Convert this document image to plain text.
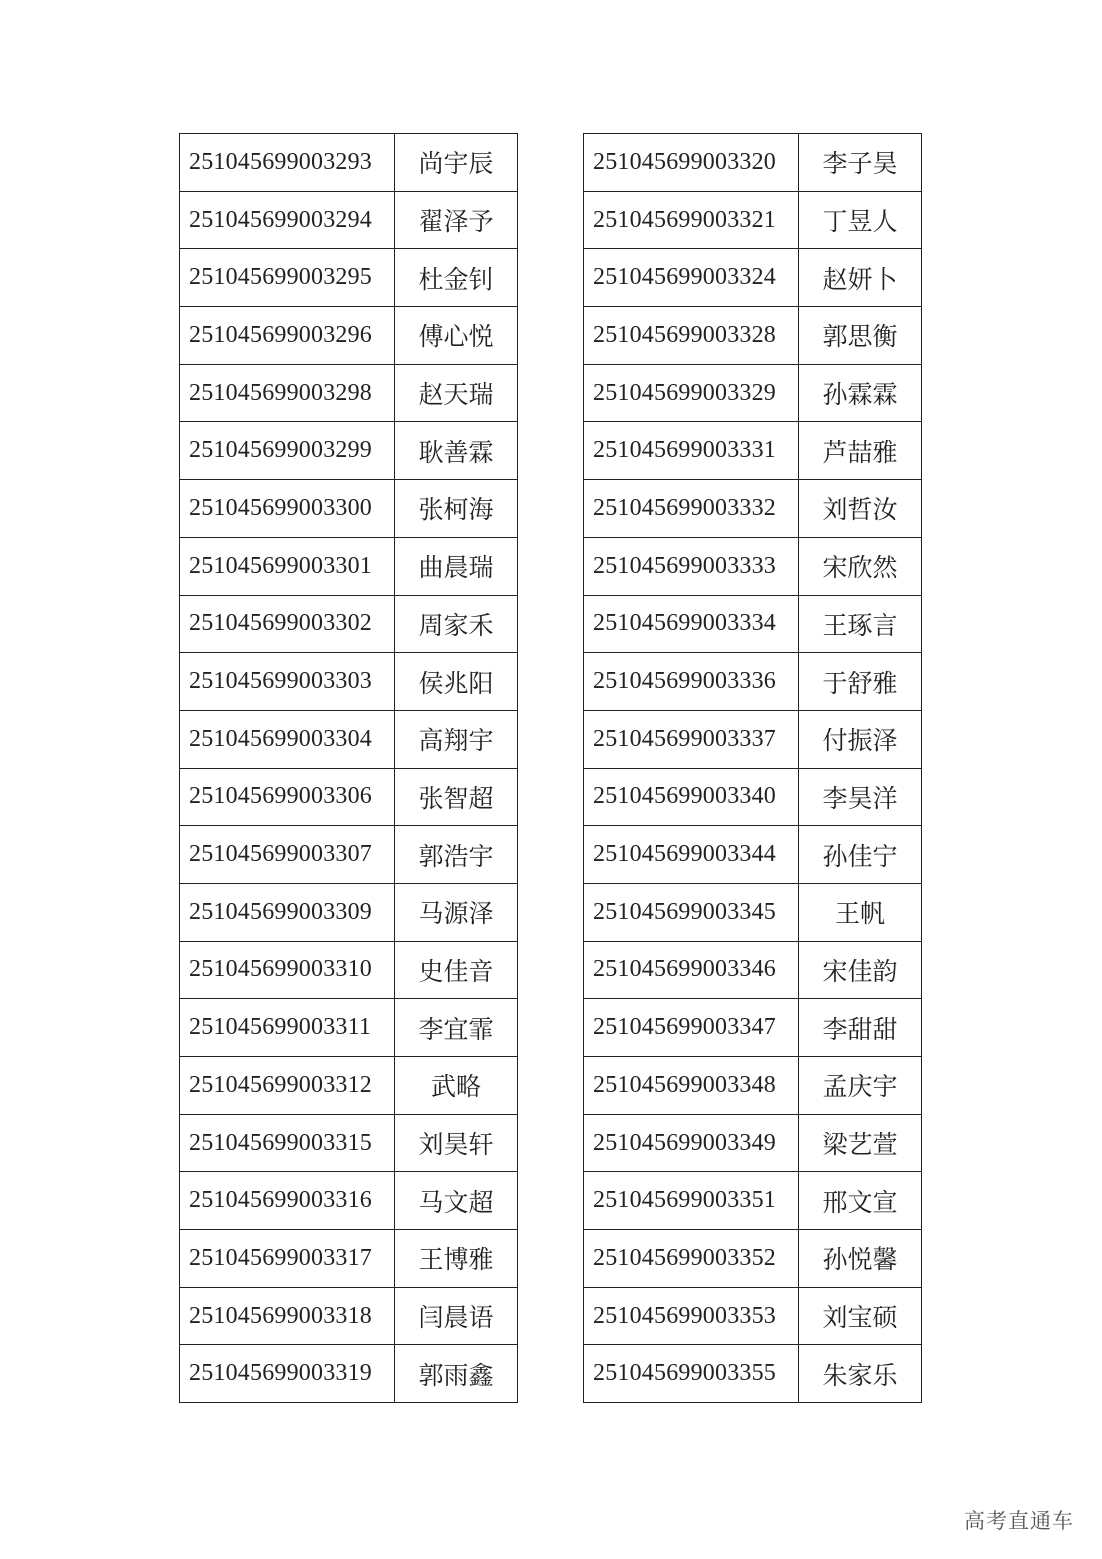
251045699003293	尚宇辰
251045699003294	翟泽予
251045699003295	杜金钊
251045699003296	傅心悦
251045699003298	赵天瑞
251045699003299	耿善霖
251045699003300	张柯海
251045699003301	曲晨瑞
251045699003302	周家禾
251045699003303	侯兆阳
251045699003304	高翔宇
251045699003306	张智超
251045699003307	郭浩宇
251045699003309	马源泽
251045699003310	史佳音
251045699003311	李宜霏
251045699003312	武略
251045699003315	刘昊轩
251045699003316	马文超
251045699003317	王博雅
251045699003318	闫晨语
251045699003319	郭雨鑫
251045699003320	李子昊
251045699003321	丁昱人
251045699003324	赵妍卜
251045699003328	郭思衡
251045699003329	孙霖霖
251045699003331	芦喆雅
251045699003332	刘哲汝
251045699003333	宋欣然
251045699003334	王琢言
251045699003336	于舒雅
251045699003337	付振泽
251045699003340	李昊洋
251045699003344	孙佳宁
251045699003345	王帆
251045699003346	宋佳韵
251045699003347	李甜甜
251045699003348	孟庆宇
251045699003349	梁艺萱
251045699003351	邢文宣
251045699003352	孙悦馨
251045699003353	刘宝硕
251045699003355	朱家乐
高考直通车
